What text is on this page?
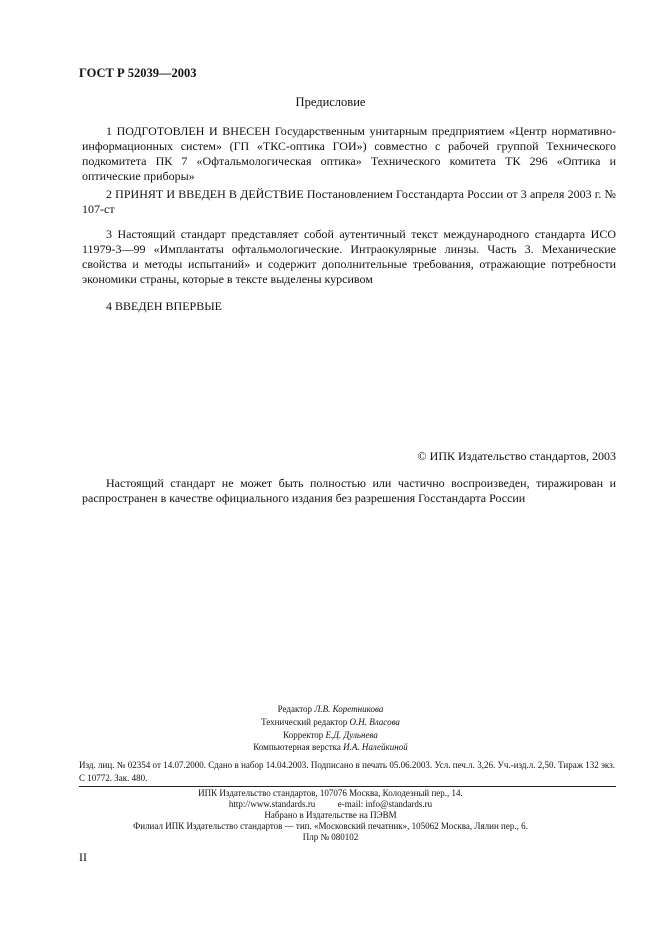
ГОСТ Р 52039—2003
Предисловие

1 ПОДГОТОВЛЕН И ВНЕСЕН Государственным унитарным предприятием «Центр нормативно-информационных систем» (ГП «ТКС-оптика ГОИ») совместно с рабочей группой Технического подкомитета ПК 7 «Офтальмологическая оптика» Технического комитета ТК 296 «Оптика и оптические приборы»

2 ПРИНЯТ И ВВЕДЕН В ДЕЙСТВИЕ Постановлением Госстандарта России от 3 апреля 2003 г. № 107-ст

3 Настоящий стандарт представляет собой аутентичный текст международного стандарта ИСО 11979-3—99 «Имплантаты офтальмологические. Интраокулярные линзы. Часть 3. Механические свойства и методы испытаний» и содержит дополнительные требования, отражающие потребности экономики страны, которые в тексте выделены курсивом

4 ВВЕДЕН ВПЕРВЫЕ
© ИПК Издательство стандартов, 2003

Настоящий стандарт не может быть полностью или частично воспроизведен, тиражирован и распространен в качестве официального издания без разрешения Госстандарта России

Редактор Л.В. Коретникова
Технический редактор О.Н. Власова
Корректор Е.Д. Дульнева
Компьютерная верстка И.А. Налейкиной

Изд. лиц. № 02354 от 14.07.2000. Сдано в набор 14.04.2003. Подписано в печать 05.06.2003. Усл. печ.л. 3,26. Уч.-изд.л. 2,50. Тираж 132 экз. С 10772. Зак. 480.

ИПК Издательство стандартов, 107076 Москва, Колодезный пер., 14.
http://www.standards.ru          e-mail: info@standards.ru
Набрано в Издательстве на ПЭВМ
Филиал ИПК Издательство стандартов — тип. «Московский печатник», 105062 Москва, Лялин пер., 6.
Плр № 080102
II
